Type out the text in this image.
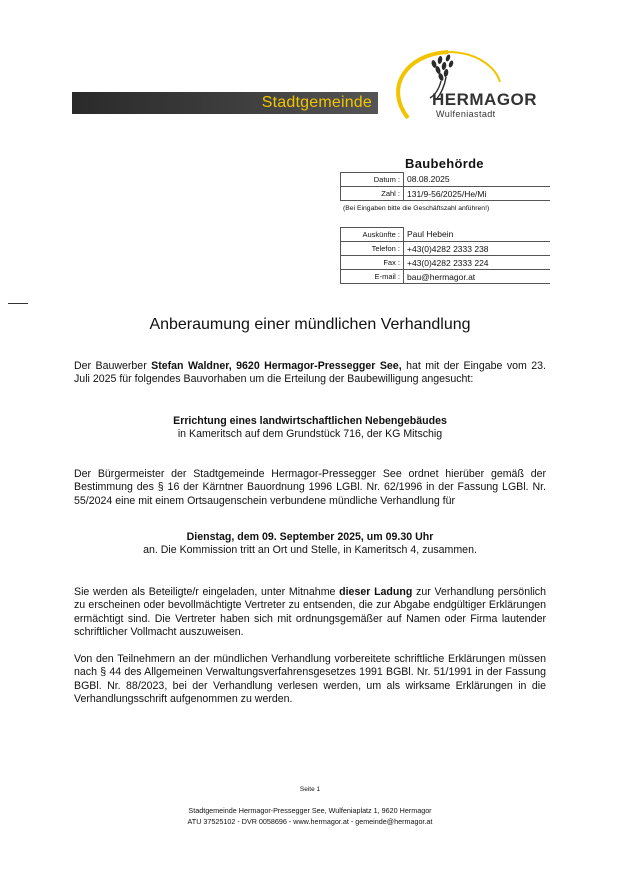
Stadtgemeinde	HERMAGOR
Wulfeniastadt
Baubehörde
Datum :	08.08.2025
Zahl :	131/9-56/2025/He/Mi
(Bei Eingaben bitte die Geschäftszahl anführen!)
Auskünfte :	Paul Hebein
Telefon :	+43(0)4282 2333 238
Fax :	+43(0)4282 2333 224
E-mail :	bau@hermagor.at
Anberaumung einer mündlichen Verhandlung
Der Bauwerber Stefan Waldner, 9620 Hermagor-Pressegger See, hat mit der Eingabe vom 23. Juli 2025 für folgendes Bauvorhaben um die Erteilung der Baubewilligung angesucht:
Errichtung eines landwirtschaftlichen Nebengebäudes
in Kameritsch auf dem Grundstück 716, der KG Mitschig
Der Bürgermeister der Stadtgemeinde Hermagor-Pressegger See ordnet hierüber gemäß der Bestimmung des § 16 der Kärntner Bauordnung 1996 LGBl. Nr. 62/1996 in der Fassung LGBl. Nr. 55/2024 eine mit einem Ortsaugenschein verbundene mündliche Verhandlung für
Dienstag, dem 09. September 2025, um 09.30 Uhr
an. Die Kommission tritt an Ort und Stelle, in Kameritsch 4, zusammen.
Sie werden als Beteiligte/r eingeladen, unter Mitnahme dieser Ladung zur Verhandlung persönlich zu erscheinen oder bevollmächtigte Vertreter zu entsenden, die zur Abgabe endgültiger Erklärungen ermächtigt sind. Die Vertreter haben sich mit ordnungsgemäßer auf Namen oder Firma lautender schriftlicher Vollmacht auszuweisen.
Von den Teilnehmern an der mündlichen Verhandlung vorbereitete schriftliche Erklärungen müssen nach § 44 des Allgemeinen Verwaltungsverfahrensgesetzes 1991 BGBl. Nr. 51/1991 in der Fassung BGBl. Nr. 88/2023, bei der Verhandlung verlesen werden, um als wirksame Erklärungen in die Verhandlungsschrift aufgenommen zu werden.
Seite 1
Stadtgemeinde Hermagor-Pressegger See, Wulfeniaplatz 1, 9620 Hermagor
ATU 37525102 - DVR 0058696 - www.hermagor.at - gemeinde@hermagor.at
